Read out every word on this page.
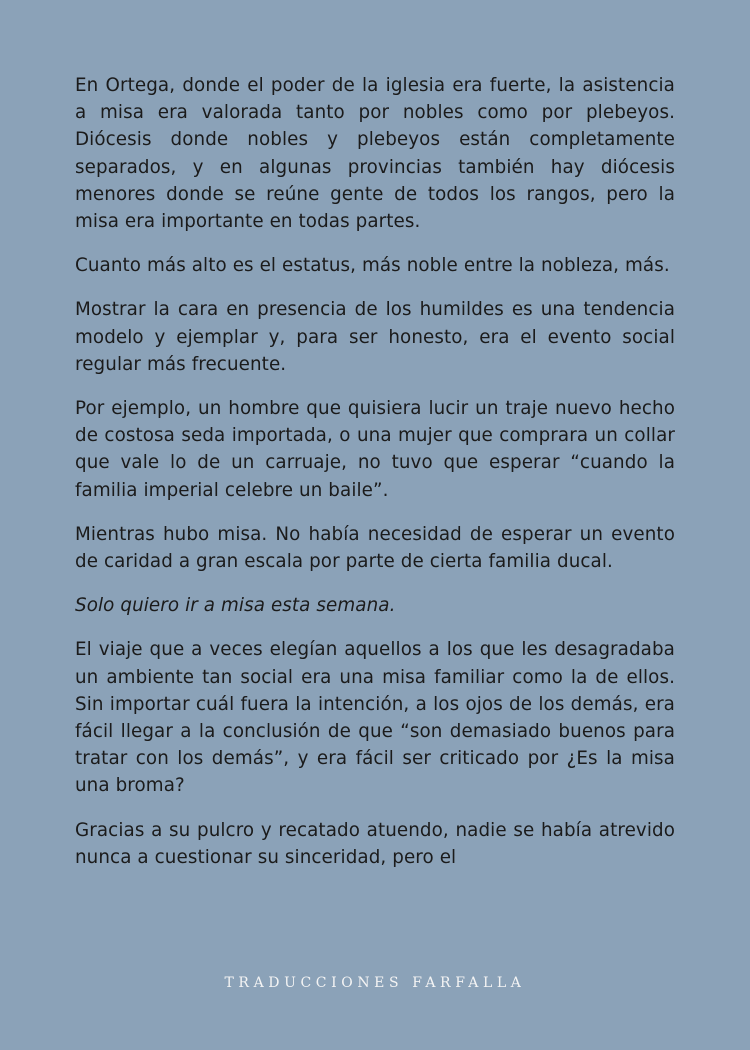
En Ortega, donde el poder de la iglesia era fuerte, la asistencia a misa era valorada tanto por nobles como por plebeyos. Diócesis donde nobles y plebeyos están completamente separados, y en algunas provincias también hay diócesis menores donde se reúne gente de todos los rangos, pero la misa era importante en todas partes.

Cuanto más alto es el estatus, más noble entre la nobleza, más.

Mostrar la cara en presencia de los humildes es una tendencia modelo y ejemplar y, para ser honesto, era el evento social regular más frecuente.

Por ejemplo, un hombre que quisiera lucir un traje nuevo hecho de costosa seda importada, o una mujer que comprara un collar que vale lo de un carruaje, no tuvo que esperar “cuando la familia imperial celebre un baile”.

Mientras hubo misa. No había necesidad de esperar un evento de caridad a gran escala por parte de cierta familia ducal.

Solo quiero ir a misa esta semana.

El viaje que a veces elegían aquellos a los que les desagradaba un ambiente tan social era una misa familiar como la de ellos. Sin importar cuál fuera la intención, a los ojos de los demás, era fácil llegar a la conclusión de que “son demasiado buenos para tratar con los demás”, y era fácil ser criticado por ¿Es la misa una broma?

Gracias a su pulcro y recatado atuendo, nadie se había atrevido nunca a cuestionar su sinceridad, pero el

TRADUCCIONES FARFALLA
